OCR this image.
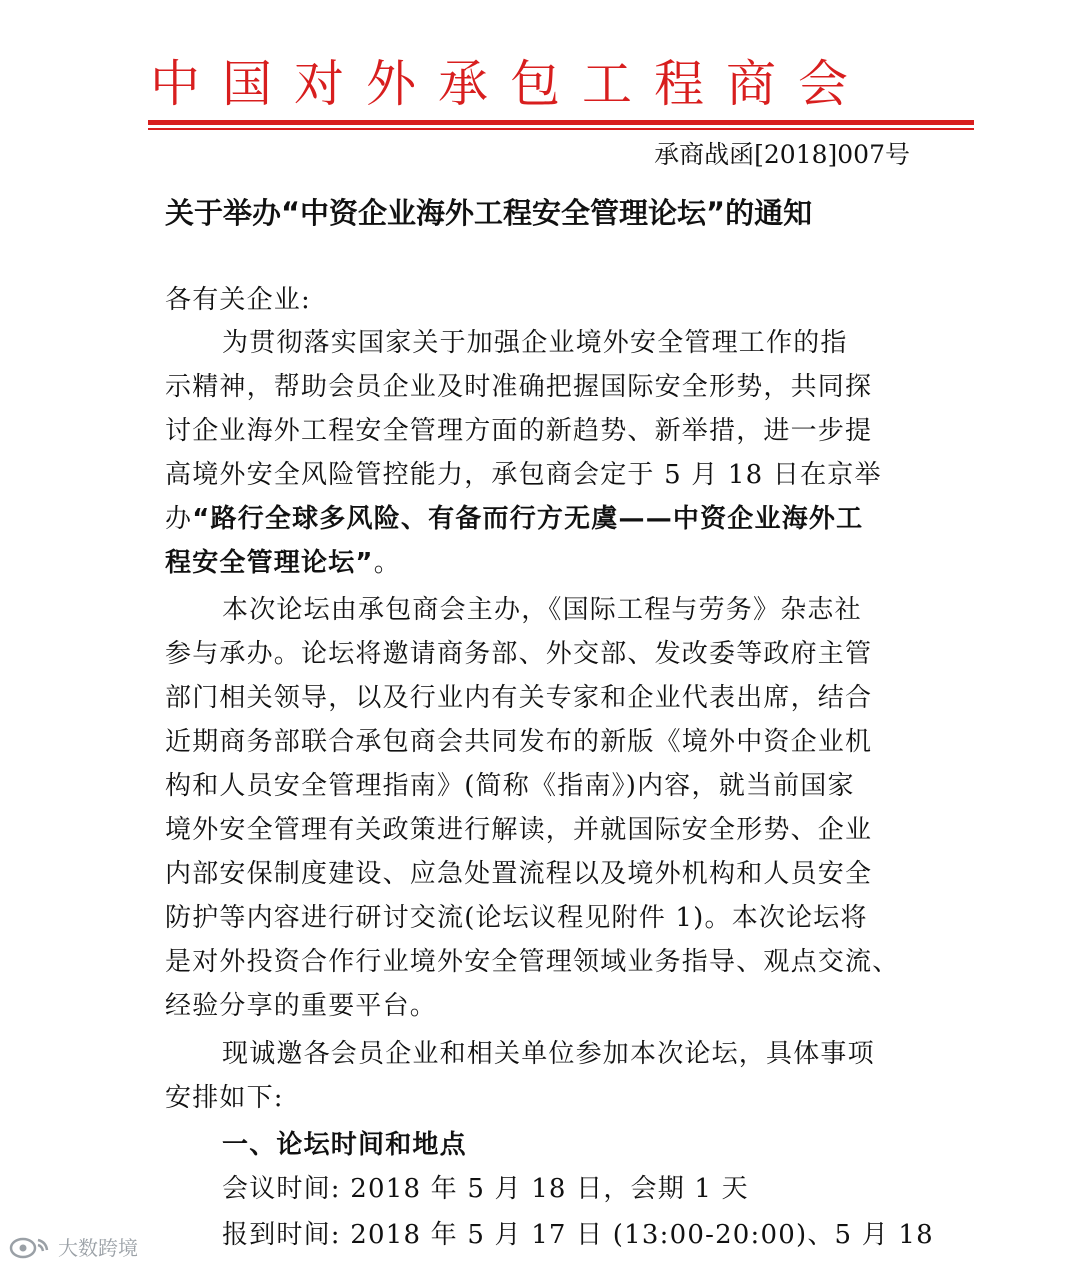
中国对外承包工程商会
承商战函[2018]007号
关于举办“中资企业海外工程安全管理论坛”的通知
各有关企业:
为贯彻落实国家关于加强企业境外安全管理工作的指
示精神，帮助会员企业及时准确把握国际安全形势，共同探
讨企业海外工程安全管理方面的新趋势、新举措，进一步提
高境外安全风险管控能力，承包商会定于 5 月 18 日在京举
办“路行全球多风险、有备而行方无虞——中资企业海外工
程安全管理论坛”。
本次论坛由承包商会主办，《国际工程与劳务》杂志社
参与承办。论坛将邀请商务部、外交部、发改委等政府主管
部门相关领导，以及行业内有关专家和企业代表出席，结合
近期商务部联合承包商会共同发布的新版《境外中资企业机
构和人员安全管理指南》(简称《指南》)内容，就当前国家
境外安全管理有关政策进行解读，并就国际安全形势、企业
内部安保制度建设、应急处置流程以及境外机构和人员安全
防护等内容进行研讨交流(论坛议程见附件 1)。本次论坛将
是对外投资合作行业境外安全管理领域业务指导、观点交流、
经验分享的重要平台。
现诚邀各会员企业和相关单位参加本次论坛，具体事项
安排如下:
一、论坛时间和地点
会议时间: 2018 年 5 月 18 日，会期 1 天
报到时间: 2018 年 5 月 17 日 (13:00-20:00)、5 月 18
大数跨境
